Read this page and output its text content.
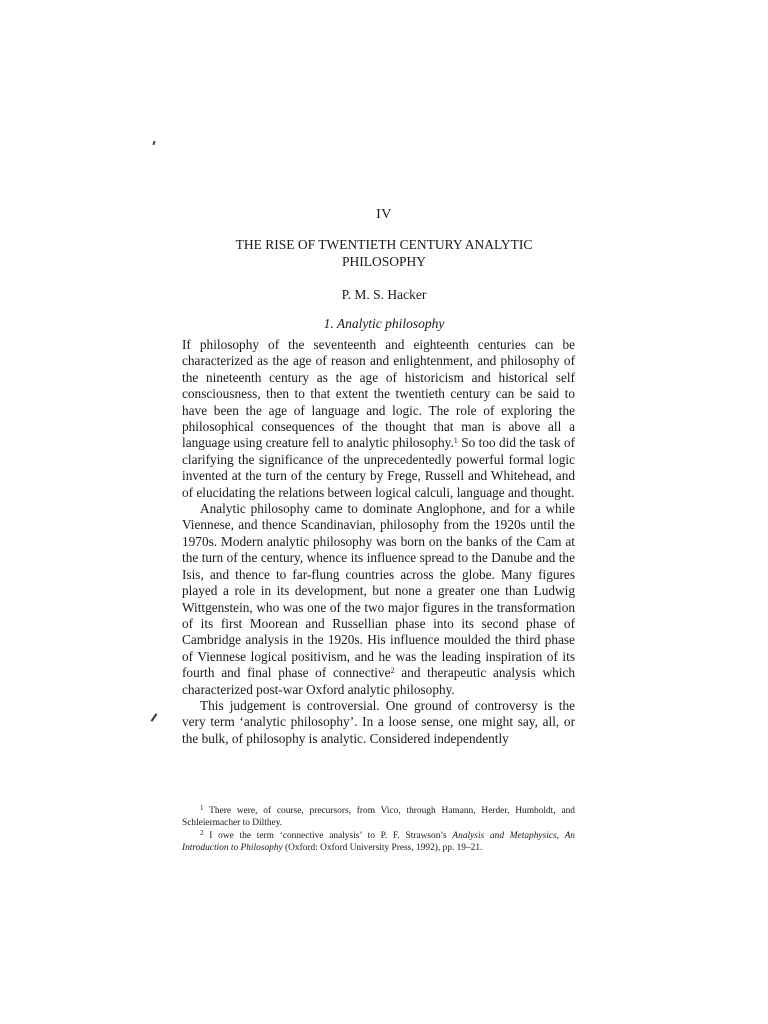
IV
THE RISE OF TWENTIETH CENTURY ANALYTIC
PHILOSOPHY
P. M. S. Hacker
1. Analytic philosophy

If philosophy of the seventeenth and eighteenth centuries can be characterized as the age of reason and enlightenment, and philosophy of the nineteenth century as the age of historicism and historical self consciousness, then to that extent the twentieth century can be said to have been the age of language and logic. The role of exploring the philosophical consequences of the thought that man is above all a language using creature fell to analytic philosophy.$^1$ So too did the task of clarifying the significance of the unprecedentedly powerful formal logic invented at the turn of the century by Frege, Russell and Whitehead, and of elucidating the relations between logical calculi, language and thought.

Analytic philosophy came to dominate Anglophone, and for a while Viennese, and thence Scandinavian, philosophy from the 1920s until the 1970s. Modern analytic philosophy was born on the banks of the Cam at the turn of the century, whence its influence spread to the Danube and the Isis, and thence to far-flung countries across the globe. Many figures played a role in its development, but none a greater one than Ludwig Wittgenstein, who was one of the two major figures in the transformation of its first Moorean and Russellian phase into its second phase of Cambridge analysis in the 1920s. His influence moulded the third phase of Viennese logical positivism, and he was the leading inspiration of its fourth and final phase of connective$^2$ and therapeutic analysis which characterized post-war Oxford analytic philosophy.

This judgement is controversial. One ground of controversy is the very term ‘analytic philosophy’. In a loose sense, one might say, all, or the bulk, of philosophy is analytic. Considered independently

$^1$ There were, of course, precursors, from Vico, through Hamann, Herder, Humboldt, and Schleiermacher to Dilthey.

$^2$ I owe the term ‘connective analysis’ to P. F. Strawson’s Analysis and Metaphysics, An Introduction to Philosophy (Oxford: Oxford University Press, 1992), pp. 19–21.
